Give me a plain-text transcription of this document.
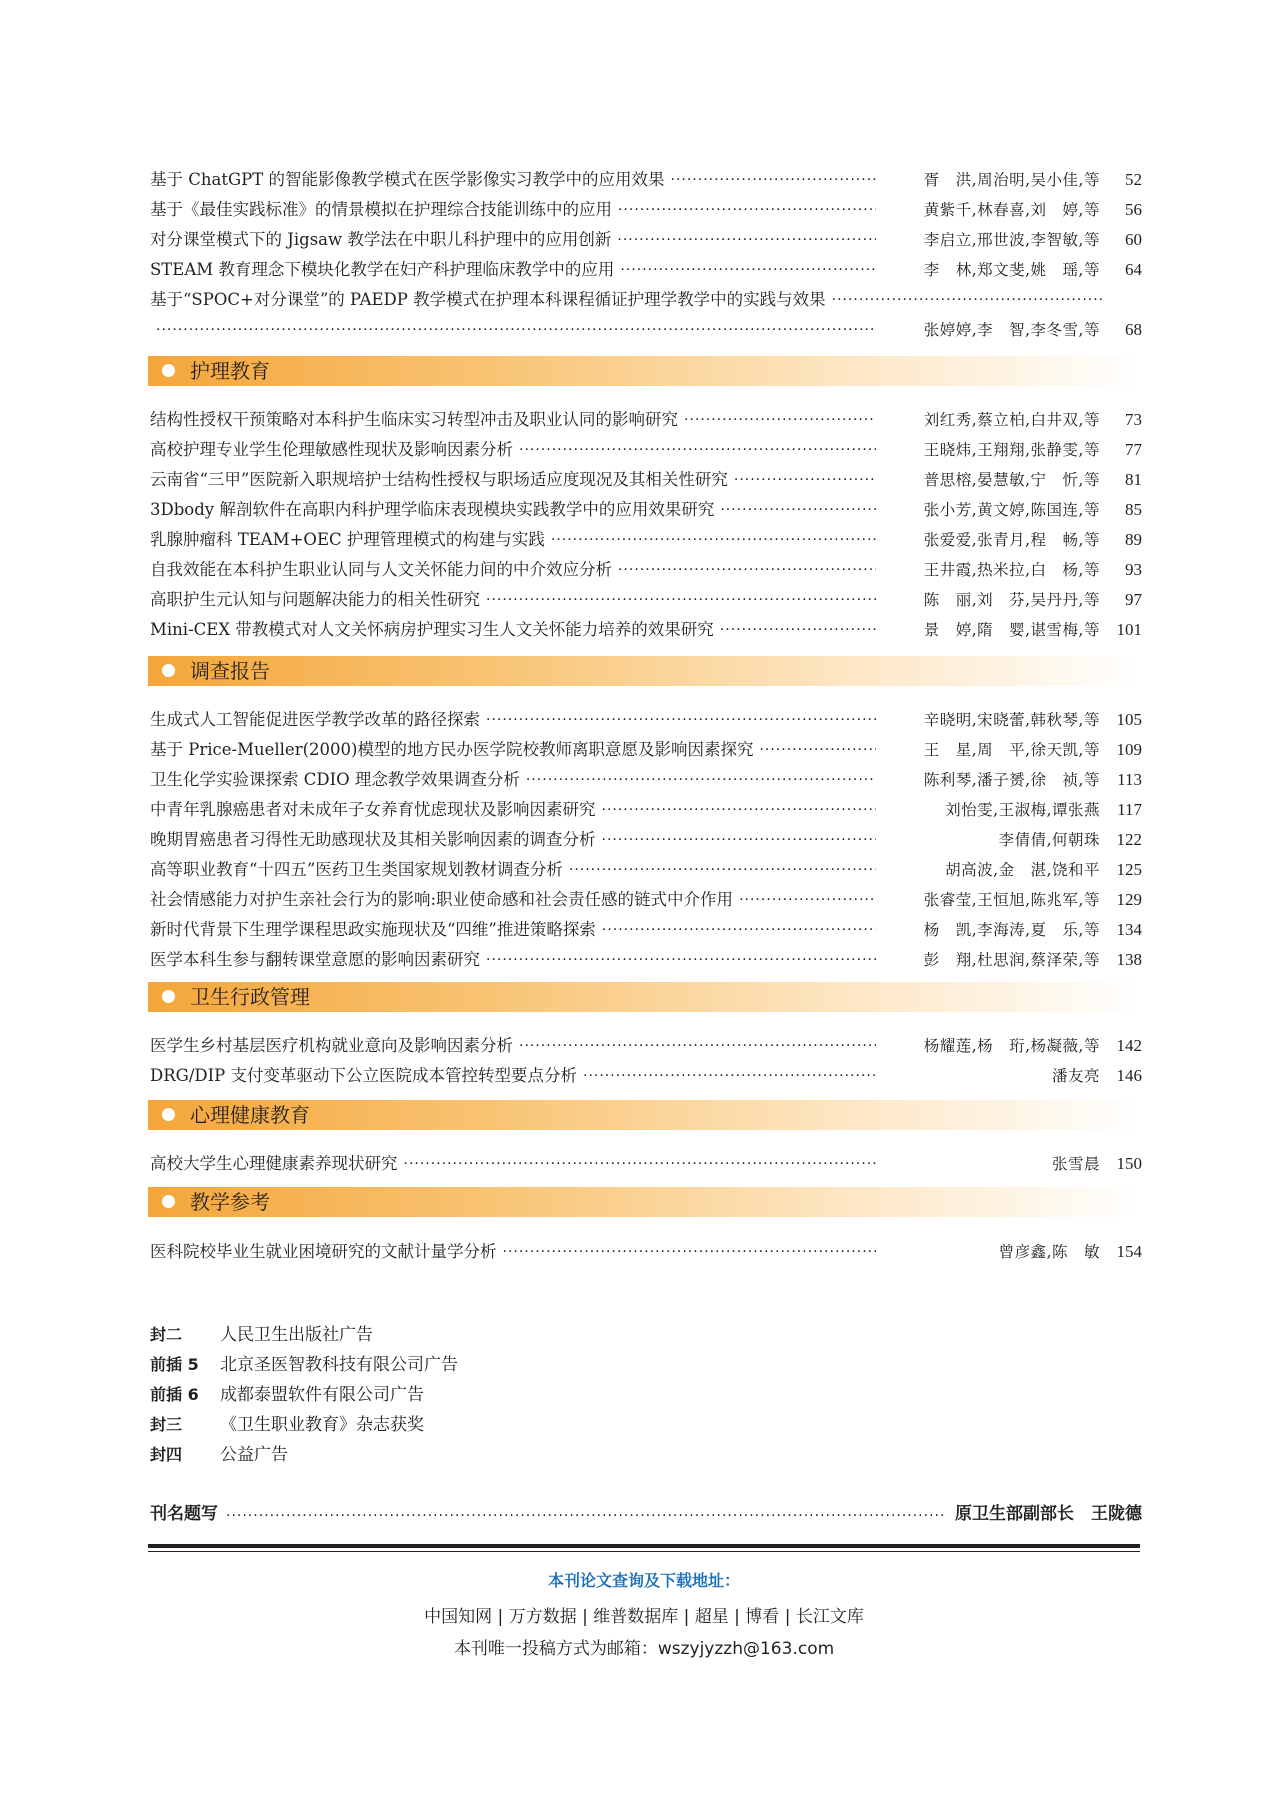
基于 ChatGPT 的智能影像教学模式在医学影像实习教学中的应用效果 ·····	胥　洪,周治明,吴小佳,等	52
基于《最佳实践标准》的情景模拟在护理综合技能训练中的应用 ·····	黄紫千,林春喜,刘　婷,等	56
对分课堂模式下的 Jigsaw 教学法在中职儿科护理中的应用创新 ·····	李启立,邢世波,李智敏,等	60
STEAM 教育理念下模块化教学在妇产科护理临床教学中的应用 ·····	李　林,郑文斐,姚　瑶,等	64
基于“SPOC+对分课堂”的 PAEDP 教学模式在护理本科课程循证护理学教学中的实践与效果
·····
·····
张婷婷,李　智,李冬雪,等	68
护理教育
结构性授权干预策略对本科护生临床实习转型冲击及职业认同的影响研究 ·····	刘红秀,蔡立柏,白井双,等	73
高校护理专业学生伦理敏感性现状及影响因素分析 ·····	王晓炜,王翔翔,张静雯,等	77
云南省“三甲”医院新入职规培护士结构性授权与职场适应度现况及其相关性研究 ·····	普思榕,晏慧敏,宁　忻,等	81
3Dbody 解剖软件在高职内科护理学临床表现模块实践教学中的应用效果研究 ·····	张小芳,黄文婷,陈国连,等	85
乳腺肿瘤科 TEAM+OEC 护理管理模式的构建与实践 ·····	张爱爱,张青月,程　畅,等	89
自我效能在本科护生职业认同与人文关怀能力间的中介效应分析 ·····	王井霞,热米拉,白　杨,等	93
高职护生元认知与问题解决能力的相关性研究 ·····	陈　丽,刘　芬,吴丹丹,等	97
Mini-CEX 带教模式对人文关怀病房护理实习生人文关怀能力培养的效果研究 ·····	景　婷,隋　婴,谌雪梅,等 101
调查报告
生成式人工智能促进医学教学改革的路径探索 ·····	辛晓明,宋晓蕾,韩秋琴,等 105
基于 Price-Mueller(2000)模型的地方民办医学院校教师离职意愿及影响因素探究 ·····	王　星,周　平,徐天凯,等 109
卫生化学实验课探索 CDIO 理念教学效果调查分析 ·····	陈利琴,潘子赟,徐　祯,等	113
中青年乳腺癌患者对未成年子女养育忧虑现状及影响因素研究 ·····	刘怡雯,王淑梅,谭张燕	117
晚期胃癌患者习得性无助感现状及其相关影响因素的调查分析 ·····	李倩倩,何朝珠 122
高等职业教育“十四五”医药卫生类国家规划教材调查分析 ·····	胡高波,金　湛,饶和平 125
社会情感能力对护生亲社会行为的影响:职业使命感和社会责任感的链式中介作用 ·····	张睿莹,王恒旭,陈兆军,等 129
新时代背景下生理学课程思政实施现状及“四维”推进策略探索 ·····	杨　凯,李海涛,夏　乐,等 134
医学本科生参与翻转课堂意愿的影响因素研究 ·····	彭　翔,杜思润,蔡泽荣,等 138
卫生行政管理
医学生乡村基层医疗机构就业意向及影响因素分析 ·····	杨耀莲,杨　珩,杨凝薇,等 142
DRG/DIP 支付变革驱动下公立医院成本管控转型要点分析 ·····	潘友亮 146
心理健康教育
高校大学生心理健康素养现状研究 ·····	张雪晨 150
教学参考
医科院校毕业生就业困境研究的文献计量学分析 ·····	曾彦鑫,陈　敏 154
封二 人民卫生出版社广告
前插 5 北京圣医智教科技有限公司广告
前插 6 成都泰盟软件有限公司广告
封三 《卫生职业教育》杂志获奖
封四 公益广告
刊名题写 ·····	原卫生部副部长　王陇德
本刊论文查询及下载地址：
中国知网 | 万方数据 | 维普数据库 | 超星 | 博看 | 长江文库
本刊唯一投稿方式为邮箱：wszyjyzzh@163.com
